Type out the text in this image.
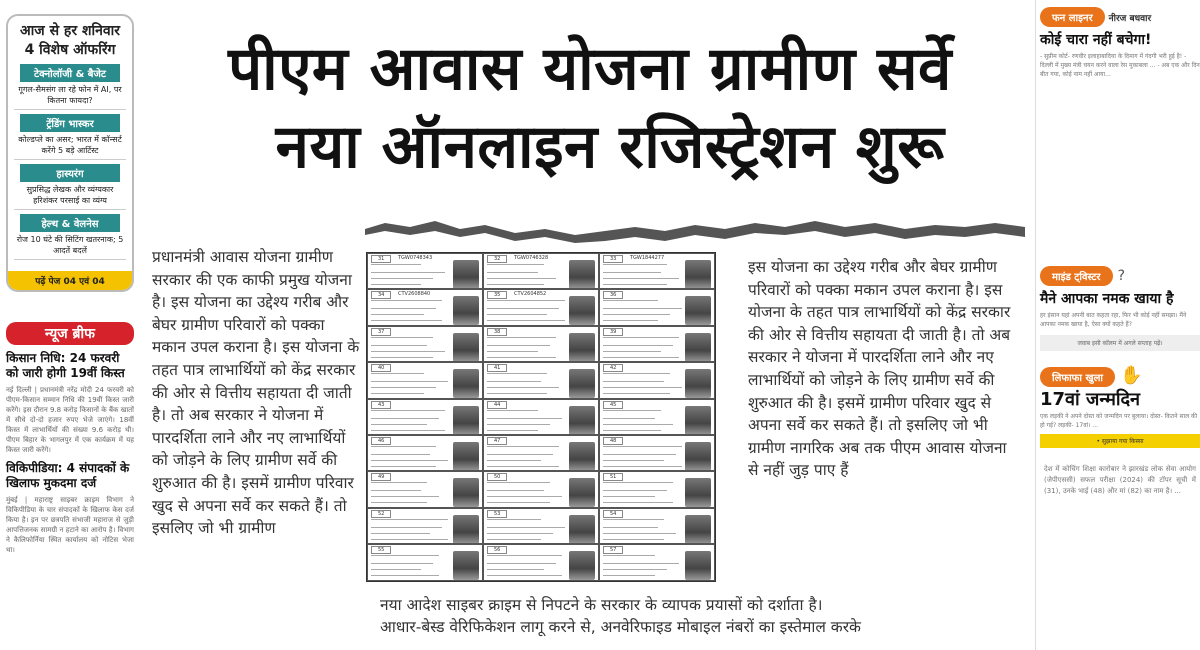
पीएम आवास योजना ग्रामीण सर्वे
नया ऑनलाइन रजिस्ट्रेशन शुरू
आज से हर शनिवार
4 विशेष ऑफरिंग
टेक्नोलॉजी & बैजेट
गूगल-सैमसंग ला रहे फोन में AI, पर कितना फायदा?
ट्रेंडिंग भास्कर
कोल्डप्ले का असर; भारत में कॉन्सर्ट करेंगे 5 बड़े आर्टिस्ट
हास्यरंग
सुप्रसिद्ध लेखक और व्यंग्यकार हरिशंकर परसाई का व्यंग्य
हेल्थ & वेलनेस
रोज 10 घंटे की सिटिंग खतरनाक; 5 आदतें बदलें
पढ़ें पेज 04 एवं 04
न्यूज ब्रीफ
किसान निधि: 24 फरवरी को जारी होगी 19वीं किस्त
नई दिल्ली | प्रधानमंत्री नरेंद्र मोदी 24 फरवरी को पीएम-किसान सम्मान निधि की 19वीं किस्त जारी करेंगे। इस दौरान 9.8 करोड़ किसानों के बैंक खातों में सीधे दो-दो हजार रुपए भेजे जाएंगे। 18वीं किस्त में लाभार्थियों की संख्या 9.6 करोड़ थी। पीएम बिहार के भागलपुर में एक कार्यक्रम में यह किस्त जारी करेंगे।
विकिपीडिया: 4 संपादकों के खिलाफ मुकदमा दर्ज
मुंबई | महाराष्ट्र साइबर क्राइम विभाग ने विकिपीडिया के चार संपादकों के खिलाफ केस दर्ज किया है। इन पर छत्रपति संभाजी महाराज से जुड़ी आपत्तिजनक सामग्री न हटाने का आरोप है। विभाग ने कैलिफोर्निया स्थित कार्यालय को नोटिस भेजा था।
प्रधानमंत्री आवास योजना ग्रामीण सरकार की एक काफी प्रमुख योजना है। इस योजना का उद्देश्य गरीब और बेघर ग्रामीण परिवारों को पक्का मकान उपल कराना है। इस योजना के तहत पात्र लाभार्थियों को केंद्र सरकार की ओर से वित्तीय सहायता दी जाती है। तो अब सरकार ने योजना में पारदर्शिता लाने और नए लाभार्थियों को जोड़ने के लिए ग्रामीण सर्वे की शुरुआत की है। इसमें ग्रामीण परिवार खुद से अपना सर्वे कर सकते हैं। तो इसलिए जो भी ग्रामीण
31	TGW0748343	32	TGW0746328	33	TGW1844277
34	CTV2608840	35	CTV2604852	36
37	38	39
40	41	42
43	44	45
46	47	48
49	50	51
52	53	54
55	56	57
इस योजना का उद्देश्य गरीब और बेघर ग्रामीण परिवारों को पक्का मकान उपल कराना है। इस योजना के तहत पात्र लाभार्थियों को केंद्र सरकार की ओर से वित्तीय सहायता दी जाती है। तो अब सरकार ने योजना में पारदर्शिता लाने और नए लाभार्थियों को जोड़ने के लिए ग्रामीण सर्वे की शुरुआत की है। इसमें ग्रामीण परिवार खुद से अपना सर्वे कर सकते हैं। तो इसलिए जो भी ग्रामीण नागरिक अब तक पीएम आवास योजना से नहीं जुड़ पाए हैं
नया आदेश साइबर क्राइम से निपटने के सरकार के व्यापक प्रयासों को दर्शाता है।
आधार-बेस्ड वेरिफिकेशन लागू करने से, अनवेरिफाइड मोबाइल नंबरों का इस्तेमाल करके
फन लाइनर नीरज बधवार
कोई चारा नहीं बचेगा!
- सुप्रीम कोर्ट- रणवीर इलाहाबादिया के दिमाग में गंदगी भरी हुई है! - दिल्ली में मुख्य मंत्री चयन करने वाला रेस मुकाबला ... - अब एक और दिन बीत गया, कोई नाम नहीं आया...
माइंड ट्विस्टर ?
मैने आपका नमक खाया है
हर इंसान यहां अपनी बात कहता रहा, फिर भी कोई नहीं समझा। मैंने आपका नमक खाया है, ऐसा क्यों कहते हैं?
जवाब इसी कॉलम में अगले सप्ताह पढ़ें।
लिफाफा खुला ✋
17वां जन्मदिन
एक लड़की ने अपने दोस्त को जन्मदिन पर बुलाया। दोस्त- कितने साल की हो गई? लड़की- 17वां। ...
• सुझाया गया किस्सा
देश में कोचिंग शिक्षा कारोबार ने झारखंड लोक सेवा आयोग (जेपीएससी) सफल परीक्षा (2024) की टॉपर सूची में (31), उनके भाई (48) और मां (82) का नाम है। ...
